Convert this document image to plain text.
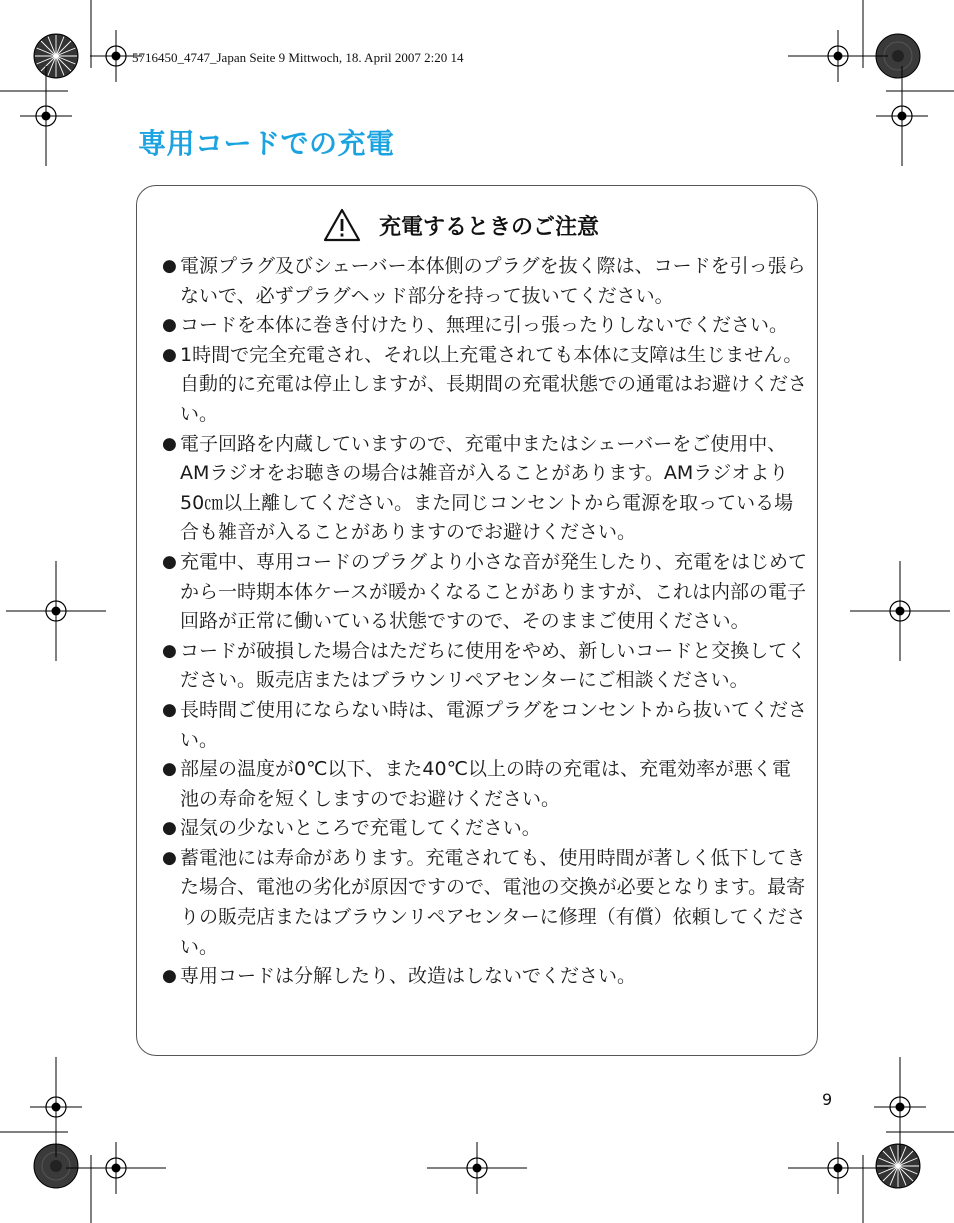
5716450_4747_Japan Seite 9 Mittwoch, 18. April 2007 2:20 14
専用コードでの充電
充電するときのご注意
● 電源プラグ及びシェーバー本体側のプラグを抜く際は、コードを引っ張らないで、必ずプラグヘッド部分を持って抜いてください。
● コードを本体に巻き付けたり、無理に引っ張ったりしないでください。
● 1時間で完全充電され、それ以上充電されても本体に支障は生じません。自動的に充電は停止しますが、長期間の充電状態での通電はお避けください。
● 電子回路を内蔵していますので、充電中またはシェーバーをご使用中、AMラジオをお聴きの場合は雑音が入ることがあります。AMラジオより50㎝以上離してください。また同じコンセントから電源を取っている場合も雑音が入ることがありますのでお避けください。
● 充電中、専用コードのプラグより小さな音が発生したり、充電をはじめてから一時期本体ケースが暖かくなることがありますが、これは内部の電子回路が正常に働いている状態ですので、そのままご使用ください。
● コードが破損した場合はただちに使用をやめ、新しいコードと交換してください。販売店またはブラウンリペアセンターにご相談ください。
● 長時間ご使用にならない時は、電源プラグをコンセントから抜いてください。
● 部屋の温度が0℃以下、また40℃以上の時の充電は、充電効率が悪く電池の寿命を短くしますのでお避けください。
● 湿気の少ないところで充電してください。
● 蓄電池には寿命があります。充電されても、使用時間が著しく低下してきた場合、電池の劣化が原因ですので、電池の交換が必要となります。最寄りの販売店またはブラウンリペアセンターに修理（有償）依頼してください。
● 専用コードは分解したり、改造はしないでください。
9
